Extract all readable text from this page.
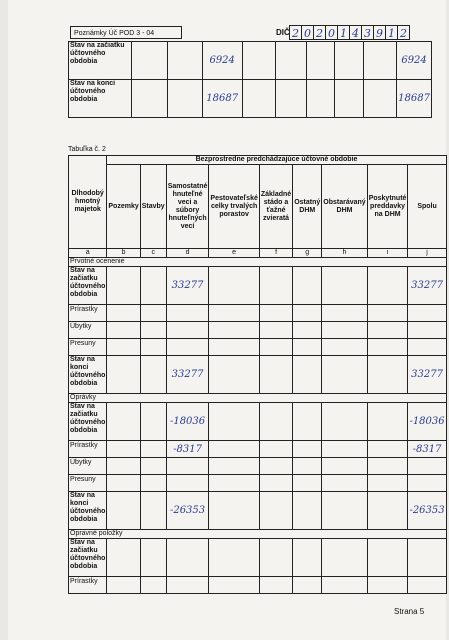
Poznámky Úč POD 3 - 04	DIČ 2 0 2 0 1 4 3 9 1 2
Stav na začiatku účtovného obdobia			6924						6924
Stav na konci účtovného obdobia			18687						18687
Tabuľka č. 2
Dlhodobý hmotný majetok	Bezprostredne predchádzajúce účtovné obdobie								
	Pozemky	Stavby	Samostatné hnuteľné veci a súbory hnuteľných vecí	Pestovateľské celky trvalých porastov	Základné stádo a ťažné zvieratá	Ostatný DHM	Obstarávaný DHM	Poskytnuté preddavky na DHM	Spolu
a	b	c	d	e	f	g	h	i	j
Prvotné ocenenie									
Stav na začiatku účtovného obdobia			33277						33277
Prírastky									
Úbytky									
Presuny									
Stav na konci účtovného obdobia			33277						33277
Oprávky									
Stav na začiatku účtovného obdobia			-18036						-18036
Prírastky			-8317						-8317
Úbytky									
Presuny									
Stav na konci účtovného obdobia			-26353						-26353
Opravné položky									
Stav na začiatku účtovného obdobia									
Prírastky									
Strana 5
